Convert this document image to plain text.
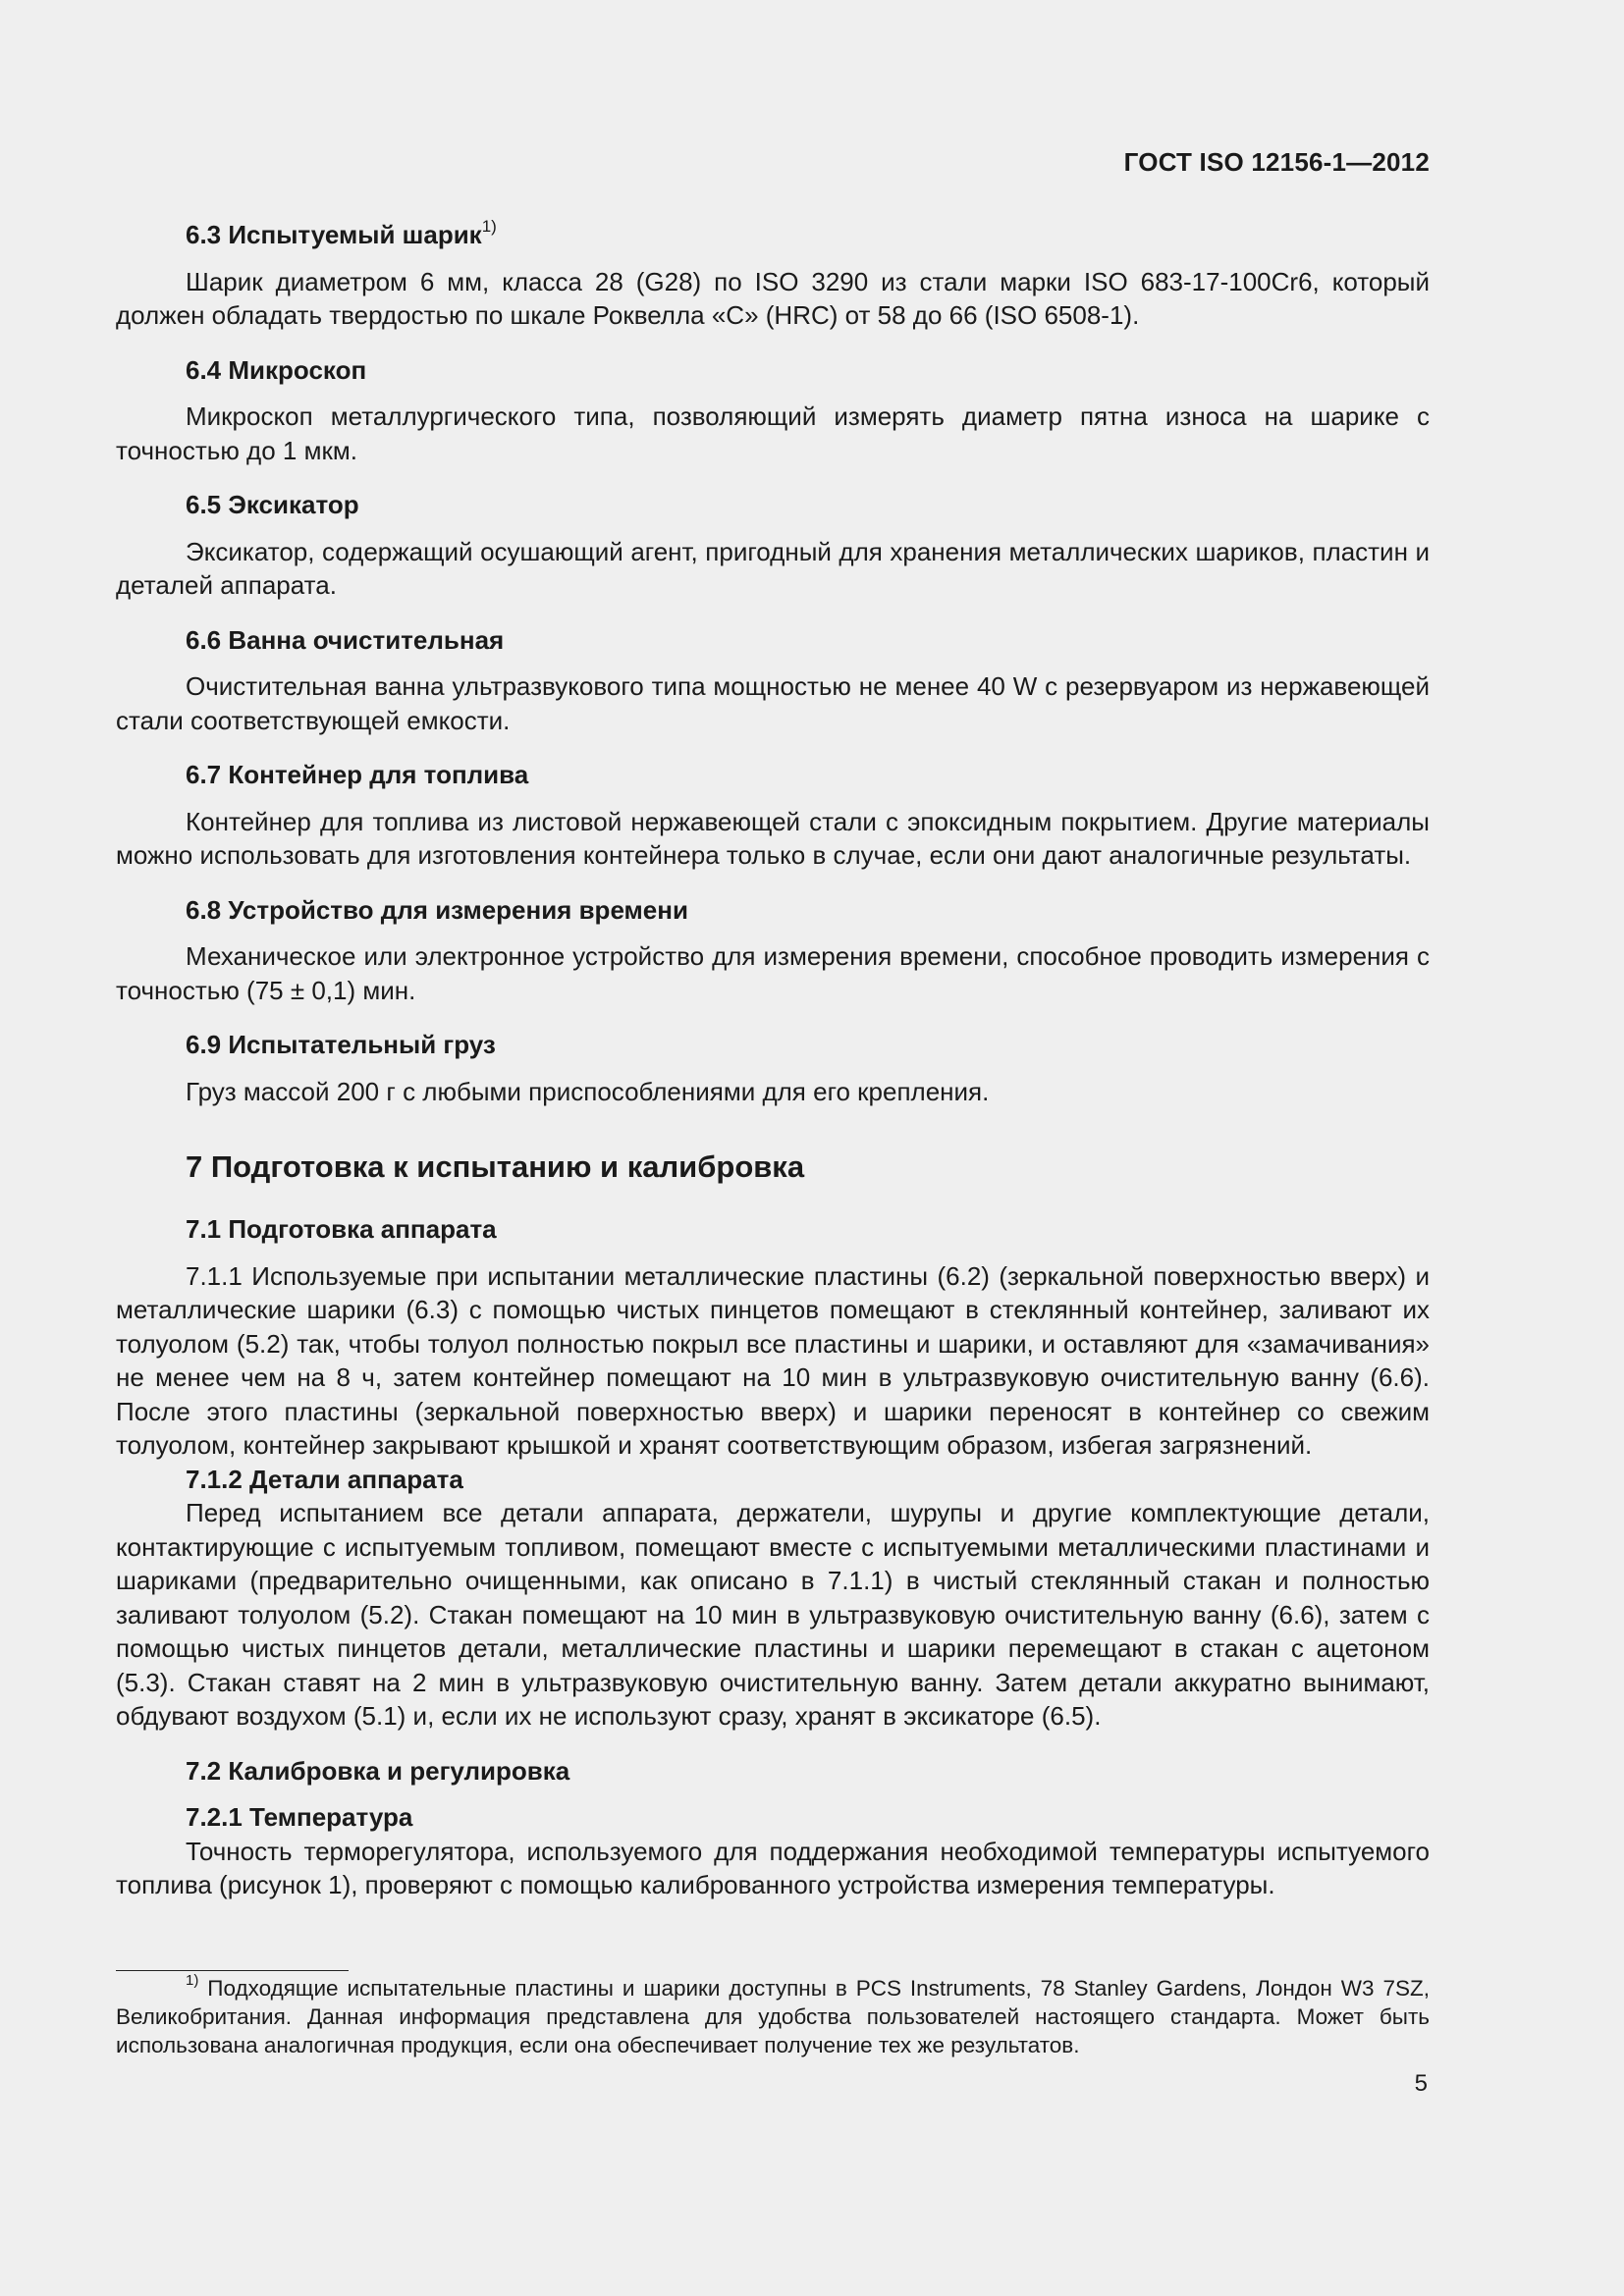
ГОСТ ISO 12156-1—2012
6.3 Испытуемый шарик$^{1)}$

Шарик диаметром 6 мм, класса 28 (G28) по ISO 3290 из стали марки ISO 683-17-100Cr6, который должен обладать твердостью по шкале Роквелла «С» (HRC) от 58 до 66 (ISO 6508-1).

6.4 Микроскоп

Микроскоп металлургического типа, позволяющий измерять диаметр пятна износа на шарике с точностью до 1 мкм.

6.5 Эксикатор

Эксикатор, содержащий осушающий агент, пригодный для хранения металлических шариков, пластин и деталей аппарата.

6.6 Ванна очистительная

Очистительная ванна ультразвукового типа мощностью не менее 40 W с резервуаром из нержавеющей стали соответствующей емкости.

6.7 Контейнер для топлива

Контейнер для топлива из листовой нержавеющей стали с эпоксидным покрытием. Другие материалы можно использовать для изготовления контейнера только в случае, если они дают аналогичные результаты.

6.8 Устройство для измерения времени

Механическое или электронное устройство для измерения времени, способное проводить измерения с точностью (75 ± 0,1) мин.

6.9 Испытательный груз

Груз массой 200 г с любыми приспособлениями для его крепления.

7 Подготовка к испытанию и калибровка
7.1 Подготовка аппарата

7.1.1 Используемые при испытании металлические пластины (6.2) (зеркальной поверхностью вверх) и металлические шарики (6.3) с помощью чистых пинцетов помещают в стеклянный контейнер, заливают их толуолом (5.2) так, чтобы толуол полностью покрыл все пластины и шарики, и оставляют для «замачивания» не менее чем на 8 ч, затем контейнер помещают на 10 мин в ультразвуковую очистительную ванну (6.6). После этого пластины (зеркальной поверхностью вверх) и шарики переносят в контейнер со свежим толуолом, контейнер закрывают крышкой и хранят соответствующим образом, избегая загрязнений.

7.1.2 Детали аппарата

Перед испытанием все детали аппарата, держатели, шурупы и другие комплектующие детали, контактирующие с испытуемым топливом, помещают вместе с испытуемыми металлическими пластинами и шариками (предварительно очищенными, как описано в 7.1.1) в чистый стеклянный стакан и полностью заливают толуолом (5.2). Стакан помещают на 10 мин в ультразвуковую очистительную ванну (6.6), затем с помощью чистых пинцетов детали, металлические пластины и шарики перемещают в стакан с ацетоном (5.3). Стакан ставят на 2 мин в ультразвуковую очистительную ванну. Затем детали аккуратно вынимают, обдувают воздухом (5.1) и, если их не используют сразу, хранят в эксикаторе (6.5).

7.2 Калибровка и регулировка
7.2.1 Температура

Точность терморегулятора, используемого для поддержания необходимой температуры испытуемого топлива (рисунок 1), проверяют с помощью калиброванного устройства измерения температуры.

$^{1)}$ Подходящие испытательные пластины и шарики доступны в PCS Instruments, 78 Stanley Gardens, Лондон W3 7SZ, Великобритания. Данная информация представлена для удобства пользователей настоящего стандарта. Может быть использована аналогичная продукция, если она обеспечивает получение тех же результатов.
5
